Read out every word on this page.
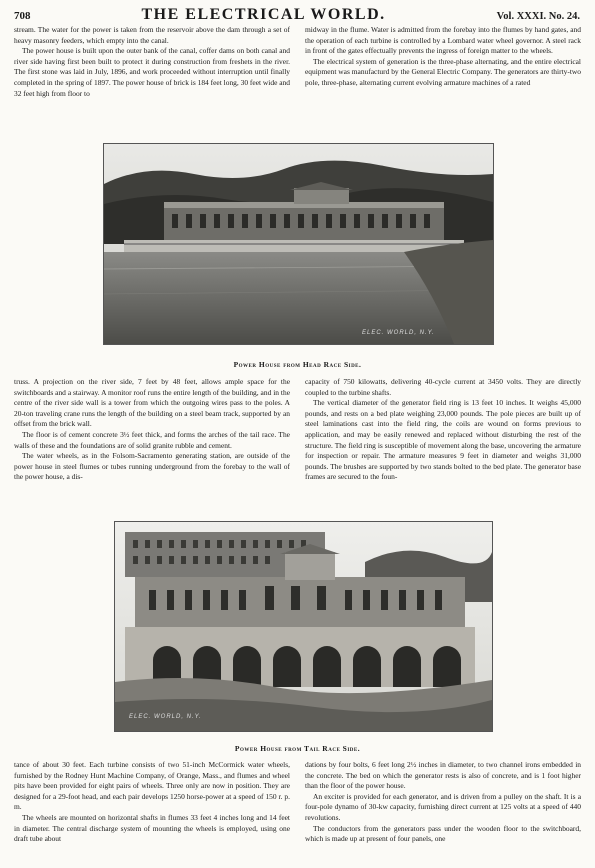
708	THE ELECTRICAL WORLD.	Vol. XXXI. No. 24.

stream. The water for the power is taken from the reservoir above the dam through a set of heavy masonry feeders, which empty into the canal.

The power house is built upon the outer bank of the canal, coffer dams on both canal and river side having first been built to protect it during construction from freshets in the river. The first stone was laid in July, 1896, and work proceeded without interruption until finally completed in the spring of 1897. The power house of brick is 184 feet long, 30 feet wide and 32 feet high from floor to

midway in the flume. Water is admitted from the forebay into the flumes by hand gates, and the operation of each turbine is controlled by a Lombard water wheel governor. A steel rack in front of the gates effectually prevents the ingress of foreign matter to the wheels.

The electrical system of generation is the three-phase alternating, and the entire electrical equipment was manufacturd by the General Electric Company. The generators are thirty-two pole, three-phase, alternating current evolving armature machines of a rated

ELEC. WORLD, N.Y.
Power House from Head Race Side.

truss. A projection on the river side, 7 feet by 48 feet, allows ample space for the switchboards and a stairway. A monitor roof runs the entire length of the building, and in the centre of the river side wall is a tower from which the outgoing wires pass to the poles. A 20-ton traveling crane runs the length of the building on a steel beam track, supported by an offset from the brick wall.

The floor is of cement concrete 3½ feet thick, and forms the arches of the tail race. The walls of these and the foundations are of solid granite rubble and cement.

The water wheels, as in the Folsom-Sacramento generating station, are outside of the power house in steel flumes or tubes running underground from the forebay to the wall of the power house, a dis-

capacity of 750 kilowatts, delivering 40-cycle current at 3450 volts. They are directly coupled to the turbine shafts.

The vertical diameter of the generator field ring is 13 feet 10 inches. It weighs 45,000 pounds, and rests on a bed plate weighing 23,000 pounds. The pole pieces are built up of steel laminations cast into the field ring, the coils are wound on forms previous to application, and may be easily renewed and replaced without disturbing the rest of the structure. The field ring is susceptible of movement along the base, uncovering the armature for inspection or repair. The armature measures 9 feet in diameter and weighs 31,000 pounds. The brushes are supported by two stands bolted to the bed plate. The generator base frames are secured to the foun-

ELEC. WORLD, N.Y.
Power House from Tail Race Side.

tance of about 30 feet. Each turbine consists of two 51-inch McCormick water wheels, furnished by the Rodney Hunt Machine Company, of Orange, Mass., and flumes and wheel pits have been provided for eight pairs of wheels. Three only are now in position. They are designed for a 29-foot head, and each pair develops 1250 horse-power at a speed of 150 r. p. m.

The wheels are mounted on horizontal shafts in flumes 33 feet 4 inches long and 14 feet in diameter. The central discharge system of mounting the wheels is employed, using one draft tube about

dations by four bolts, 6 feet long 2½ inches in diameter, to two channel irons embedded in the concrete. The bed on which the generator rests is also of concrete, and is 1 foot higher than the floor of the power house.

An exciter is provided for each generator, and is driven from a pulley on the shaft. It is a four-pole dynamo of 30-kw capacity, furnishing direct current at 125 volts at a speed of 440 revolutions.

The conductors from the generators pass under the wooden floor to the switchboard, which is made up at present of four panels, one
